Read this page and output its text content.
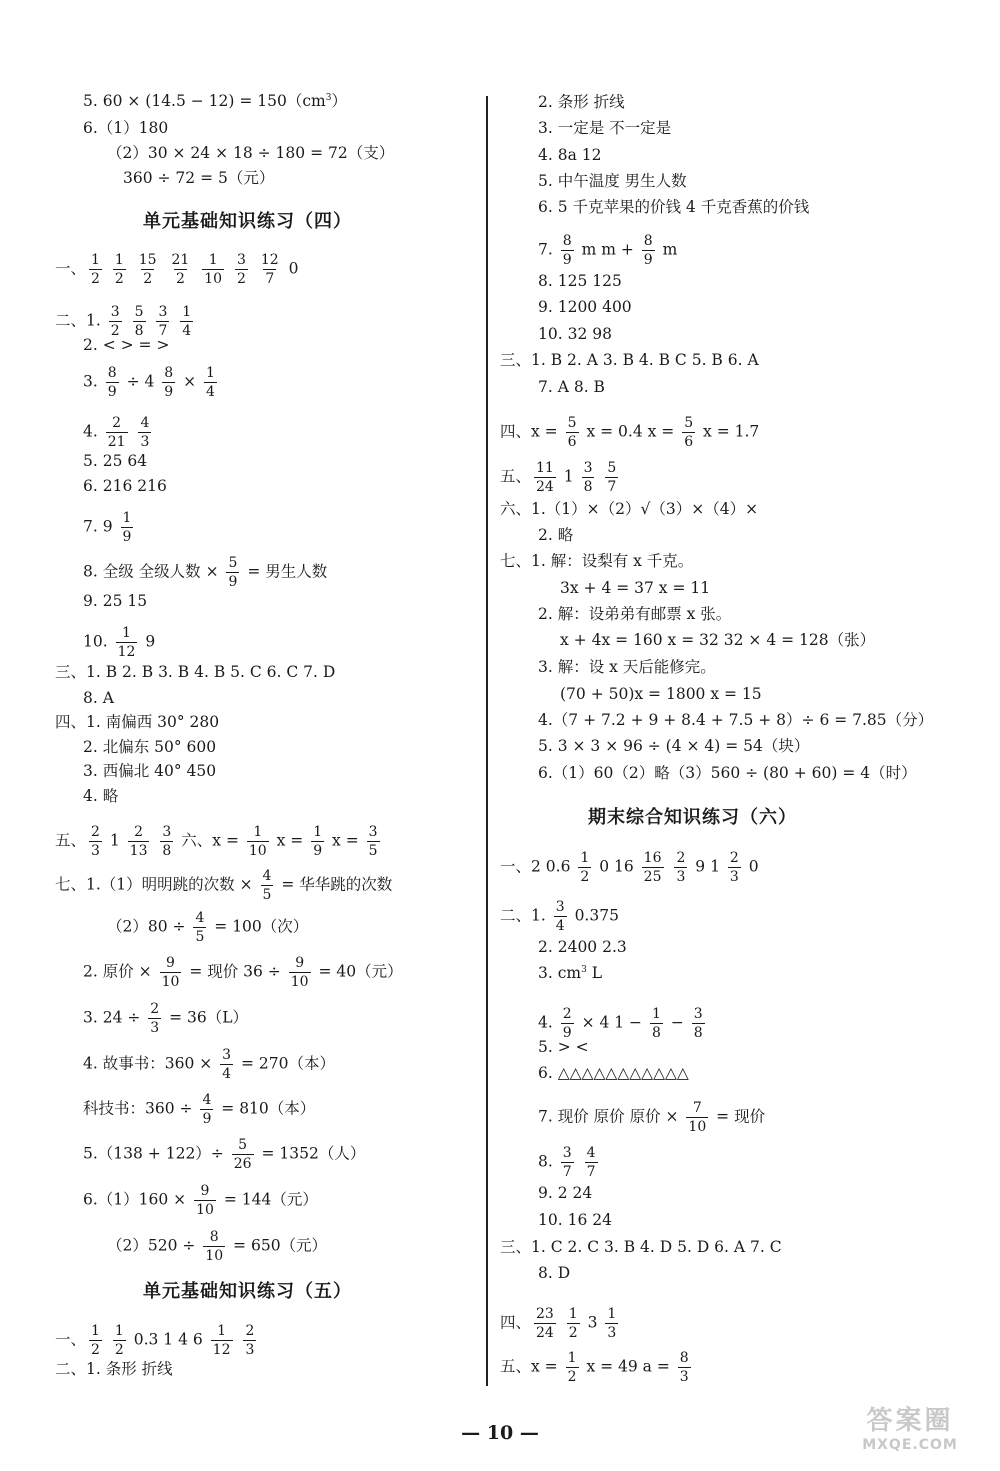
5. $60 \times (14.5 - 12) = 150(cm^3)$
6.（1）180
（2）30 × 24 × 18 ÷ 180 = 72（支）
360 ÷ 72 = 5（元）
单元基础知识练习（四）
一、 $\frac{1}{2}$
$\frac{1}{2}$
$\frac{15}{2}$
$\frac{21}{2}$
$\frac{1}{10}$
$\frac{3}{2}$
$\frac{12}{7} 0$
二、1. $\frac{3}{2}$
$\frac{5}{8}$
$\frac{3}{7}$
$\frac{1}{4}$
2. < > = >
3. $\frac{8}{9} \div 4 \frac{8}{9} \times \frac{1}{4}$
4. $\frac{2}{21}$
$\frac{4}{3}$
5. 25 64
6. 216 216
7. $9 \frac{1}{9}$
8. 全级 全级人数 × $\frac{5}{9}$ = 男生人数
9. 25 15
10. $\frac{1}{12} 9$
三、1. B 2. B 3. B 4. B 5. C 6. C 7. D
8. A
四、1. 南偏西 30° 280
2. 北偏东 50° 600
3. 西偏北 40° 450
4. 略
五、 $\frac{2}{3} 1 \frac{2}{13}$
$\frac{3}{8}$ 六、$x = \frac{1}{10}$ $x = \frac{1}{9}$ $x = \frac{3}{5}$
七、1.（1）明明跳的次数 × $\frac{4}{5}$ = 华华跳的次数
$(2)80 \div \frac{4}{5} = 100$（次）
2. 原价 × $\frac{9}{10}$ = 现价 $36 \div \frac{9}{10} = 40$（元）
3. $24 \div \frac{2}{3} = 36(L)$
4. 故事书：$360 \times \frac{3}{4} = 270$（本）
科技书：$360 \div \frac{4}{9} = 810$（本）
$5.(138 + 122)\div \frac{5}{26} = 1352$（人）
$6.(1)160 \times \frac{9}{10} = 144$（元）
$(2)520 \div \frac{8}{10} = 650$（元）
单元基础知识练习（五）
一、 $\frac{1}{2}$
$\frac{1}{2} 0.3$ 1 4 $6 \frac{1}{12}$
$\frac{2}{3}$
二、1. 条形 折线
2. 条形 折线
3. 一定是 不一定是
4. 8a 12
5. 中午温度 男生人数
6. 5 千克苹果的价钱 4 千克香蕉的价钱
7. $\frac{8}{9}$ m $m + \frac{8}{9}$ m
8. 125 125
9. 1200 400
10. 32 98
三、1. B 2. A 3. B 4. B C 5. B 6. A
7. A 8. B
四、$x = \frac{5}{6}$ x = 0.4 $x = \frac{5}{6}$ x = 1.7
五、 $\frac{11}{24} 1 \frac{3}{8}$
$\frac{5}{7}$
六、1.（1）×（2）√（3）×（4）×
2. 略
七、1. 解：设梨有 x 千克。
3x + 4 = 37 x = 11
2. 解：设弟弟有邮票 x 张。
x + 4x = 160 x = 32 32 × 4 = 128（张）
3. 解：设 x 天后能修完。
(70 + 50)x = 1800 x = 15
4.（7 + 7.2 + 9 + 8.4 + 7.5 + 8）÷ 6 = 7.85（分）
5. 3 × 3 × 96 ÷ (4 × 4) = 54（块）
6.（1）60（2）略（3）560 ÷ (80 + 60) = 4（时）
期末综合知识练习（六）
一、2 $0.6 \frac{1}{2} 0$ $16 \frac{16}{25}$
$\frac{2}{3} 9$ $1 \frac{2}{3} 0$
二、1. $\frac{3}{4} 0.375$
2. 2400 2.3
3. $cm^3$ L
4. $\frac{2}{9} \times 4$ $1 - \frac{1}{8} - \frac{3}{8}$
5. > <
6. △△△△△△△△△△△
7. 现价 原价 原价 × $\frac{7}{10}$ = 现价
8. $\frac{3}{7}$
$\frac{4}{7}$
9. 2 24
10. 16 24
三、1. C 2. C 3. B 4. D 5. D 6. A 7. C
8. D
四、 $\frac{23}{24}$
$\frac{1}{2} 3 \frac{1}{3}$
五、$x = \frac{1}{2}$ x = 49 $a = \frac{8}{3}$
— 10 —	答案圈
MXQE.COM
